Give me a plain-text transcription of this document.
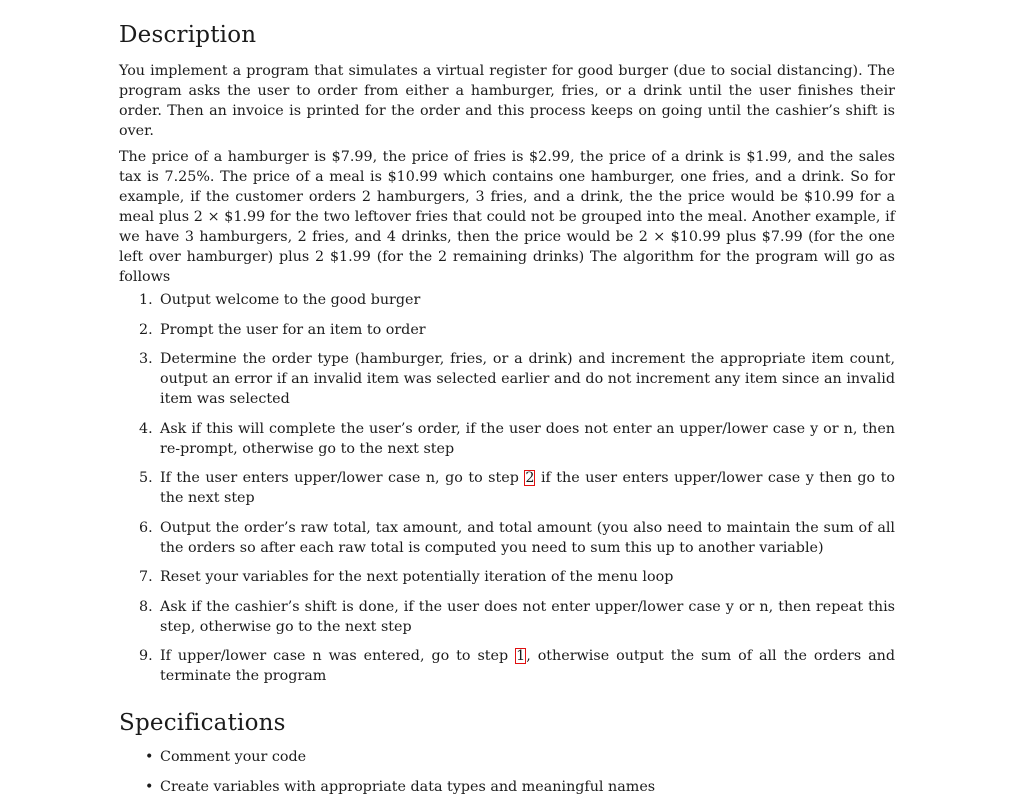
Description

You implement a program that simulates a virtual register for good burger (due to social distancing). The program asks the user to order from either a hamburger, fries, or a drink until the user finishes their order. Then an invoice is printed for the order and this process keeps on going until the cashier’s shift is over.

The price of a hamburger is $7.99, the price of fries is $2.99, the price of a drink is $1.99, and the sales tax is 7.25%. The price of a meal is $10.99 which contains one hamburger, one fries, and a drink. So for example, if the customer orders 2 hamburgers, 3 fries, and a drink, the the price would be $10.99 for a meal plus 2 × $1.99 for the two leftover fries that could not be grouped into the meal. Another example, if we have 3 hamburgers, 2 fries, and 4 drinks, then the price would be 2 × $10.99 plus $7.99 (for the one left over hamburger) plus 2 $1.99 (for the 2 remaining drinks) The algorithm for the program will go as follows

1. Output welcome to the good burger
2. Prompt the user for an item to order
3. Determine the order type (hamburger, fries, or a drink) and increment the appropriate item count, output an error if an invalid item was selected earlier and do not increment any item since an invalid item was selected
4. Ask if this will complete the user’s order, if the user does not enter an upper/lower case y or n, then re-prompt, otherwise go to the next step
5. If the user enters upper/lower case n, go to step 2 if the user enters upper/lower case y then go to the next step
6. Output the order’s raw total, tax amount, and total amount (you also need to maintain the sum of all the orders so after each raw total is computed you need to sum this up to another variable)
7. Reset your variables for the next potentially iteration of the menu loop
8. Ask if the cashier’s shift is done, if the user does not enter upper/lower case y or n, then repeat this step, otherwise go to the next step
9. If upper/lower case n was entered, go to step 1, otherwise output the sum of all the orders and terminate the program
Specifications
• Comment your code
• Create variables with appropriate data types and meaningful names
